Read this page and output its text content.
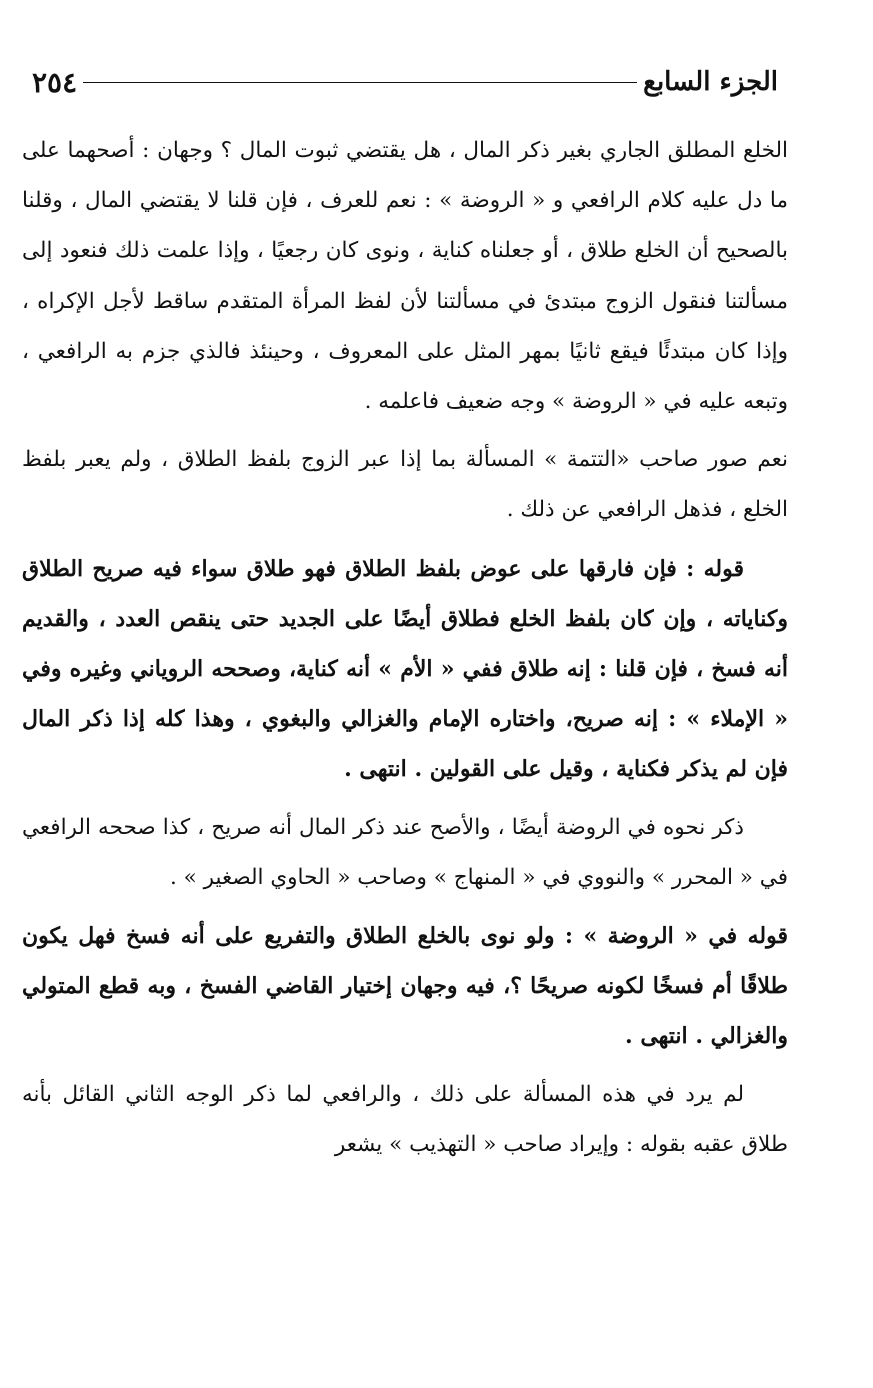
الجزء السابع
٢٥٤

الخلع المطلق الجاري بغير ذكر المال ، هل يقتضي ثبوت المال ؟ وجهان : أصحهما على ما دل عليه كلام الرافعي و « الروضة » : نعم للعرف ، فإن قلنا لا يقتضي المال ، وقلنا بالصحيح أن الخلع طلاق ، أو جعلناه كناية ، ونوى كان رجعيًا ، وإذا علمت ذلك فنعود إلى مسألتنا فنقول الزوج مبتدئ في مسألتنا لأن لفظ المرأة المتقدم ساقط لأجل الإكراه ، وإذا كان مبتدئًا فيقع ثانيًا بمهر المثل على المعروف ، وحينئذ فالذي جزم به الرافعي ، وتبعه عليه في « الروضة » وجه ضعيف فاعلمه .

نعم صور صاحب «التتمة » المسألة بما إذا عبر الزوج بلفظ الطلاق ، ولم يعبر بلفظ الخلع ، فذهل الرافعي عن ذلك .

قوله : فإن فارقها على عوض بلفظ الطلاق فهو طلاق سواء فيه صريح الطلاق وكناياته ، وإن كان بلفظ الخلع فطلاق أيضًا على الجديد حتى ينقص العدد ، والقديم أنه فسخ ، فإن قلنا : إنه طلاق ففي « الأم » أنه كناية، وصححه الروياني وغيره وفي « الإملاء » : إنه صريح، واختاره الإمام والغزالي والبغوي ، وهذا كله إذا ذكر المال فإن لم يذكر فكناية ، وقيل على القولين . انتهى .

ذكر نحوه في الروضة أيضًا ، والأصح عند ذكر المال أنه صريح ، كذا صححه الرافعي في « المحرر » والنووي في « المنهاج » وصاحب « الحاوي الصغير » .

قوله في « الروضة » : ولو نوى بالخلع الطلاق والتفريع على أنه فسخ فهل يكون طلاقًا أم فسخًا لكونه صريحًا ؟، فيه وجهان إختيار القاضي الفسخ ، وبه قطع المتولي والغزالي . انتهى .

لم يرد في هذه المسألة على ذلك ، والرافعي لما ذكر الوجه الثاني القائل بأنه طلاق عقبه بقوله : وإيراد صاحب « التهذيب » يشعر
